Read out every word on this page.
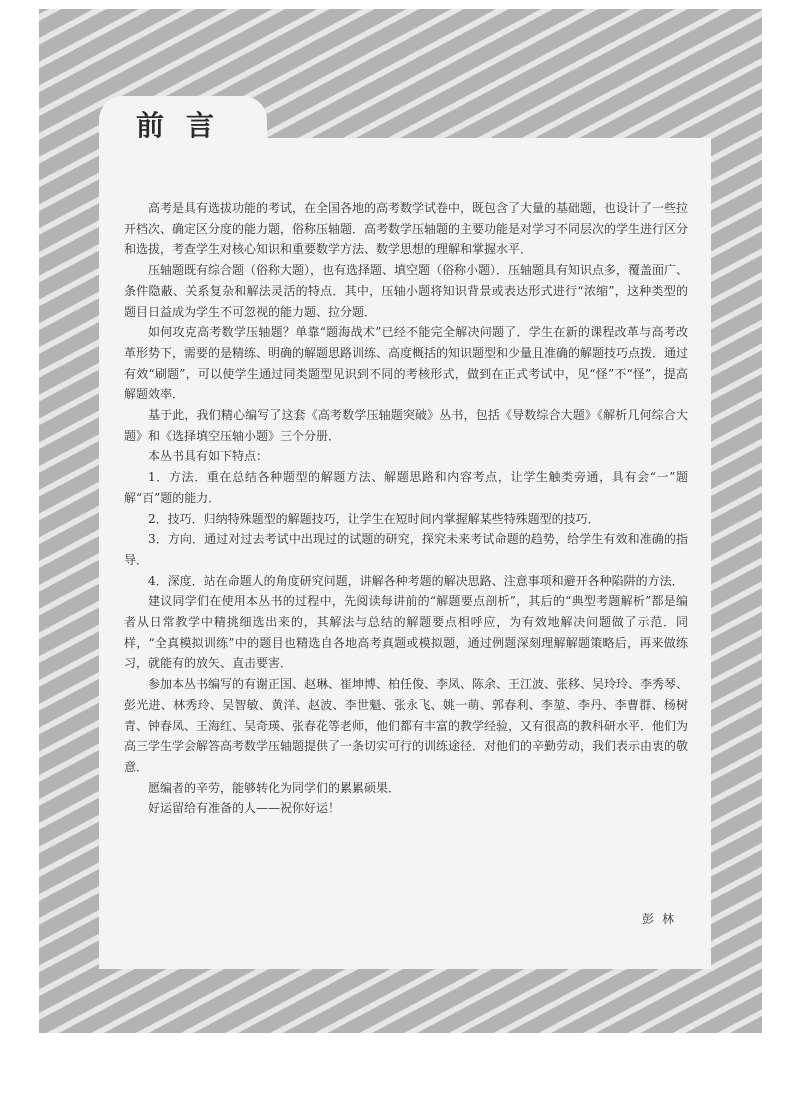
前言

高考是具有选拔功能的考试，在全国各地的高考数学试卷中，既包含了大量的基础题，也设计了一些拉开档次、确定区分度的能力题，俗称压轴题．高考数学压轴题的主要功能是对学习不同层次的学生进行区分和选拔，考查学生对核心知识和重要数学方法、数学思想的理解和掌握水平．

压轴题既有综合题（俗称大题），也有选择题、填空题（俗称小题）．压轴题具有知识点多，覆盖面广、条件隐蔽、关系复杂和解法灵活的特点．其中，压轴小题将知识背景或表达形式进行“浓缩”，这种类型的题目日益成为学生不可忽视的能力题、拉分题．

如何攻克高考数学压轴题？单靠“题海战术”已经不能完全解决问题了．学生在新的课程改革与高考改革形势下，需要的是精练、明确的解题思路训练、高度概括的知识题型和少量且准确的解题技巧点拨．通过有效“刷题”，可以使学生通过同类题型见识到不同的考核形式，做到在正式考试中，见“怪”不“怪”，提高解题效率．

基于此，我们精心编写了这套《高考数学压轴题突破》丛书，包括《导数综合大题》《解析几何综合大题》和《选择填空压轴小题》三个分册．

本丛书具有如下特点：

1．方法．重在总结各种题型的解题方法、解题思路和内容考点，让学生触类旁通，具有会“一”题解“百”题的能力．

2．技巧．归纳特殊题型的解题技巧，让学生在短时间内掌握解某些特殊题型的技巧．

3．方向．通过对过去考试中出现过的试题的研究，探究未来考试命题的趋势，给学生有效和准确的指导．

4．深度．站在命题人的角度研究问题，讲解各种考题的解决思路、注意事项和避开各种陷阱的方法．

建议同学们在使用本丛书的过程中，先阅读每讲前的“解题要点剖析”，其后的“典型考题解析”都是编者从日常教学中精挑细选出来的，其解法与总结的解题要点相呼应，为有效地解决问题做了示范．同样，“全真模拟训练”中的题目也精选自各地高考真题或模拟题，通过例题深刻理解解题策略后，再来做练习，就能有的放矢、直击要害．

参加本丛书编写的有谢正国、赵琳、崔坤博、柏任俊、李凤、陈余、王江波、张移、吴玲玲、李秀琴、彭光进、林秀玲、吴智敏、黄洋、赵波、李世魁、张永飞、姚一萌、郭春利、李堃、李丹、李曹群、杨树青、钟春凤、王海红、吴奇瑛、张春花等老师，他们都有丰富的教学经验，又有很高的教科研水平．他们为高三学生学会解答高考数学压轴题提供了一条切实可行的训练途径．对他们的辛勤劳动，我们表示由衷的敬意．

愿编者的辛劳，能够转化为同学们的累累硕果．

好运留给有准备的人——祝你好运！

彭林
